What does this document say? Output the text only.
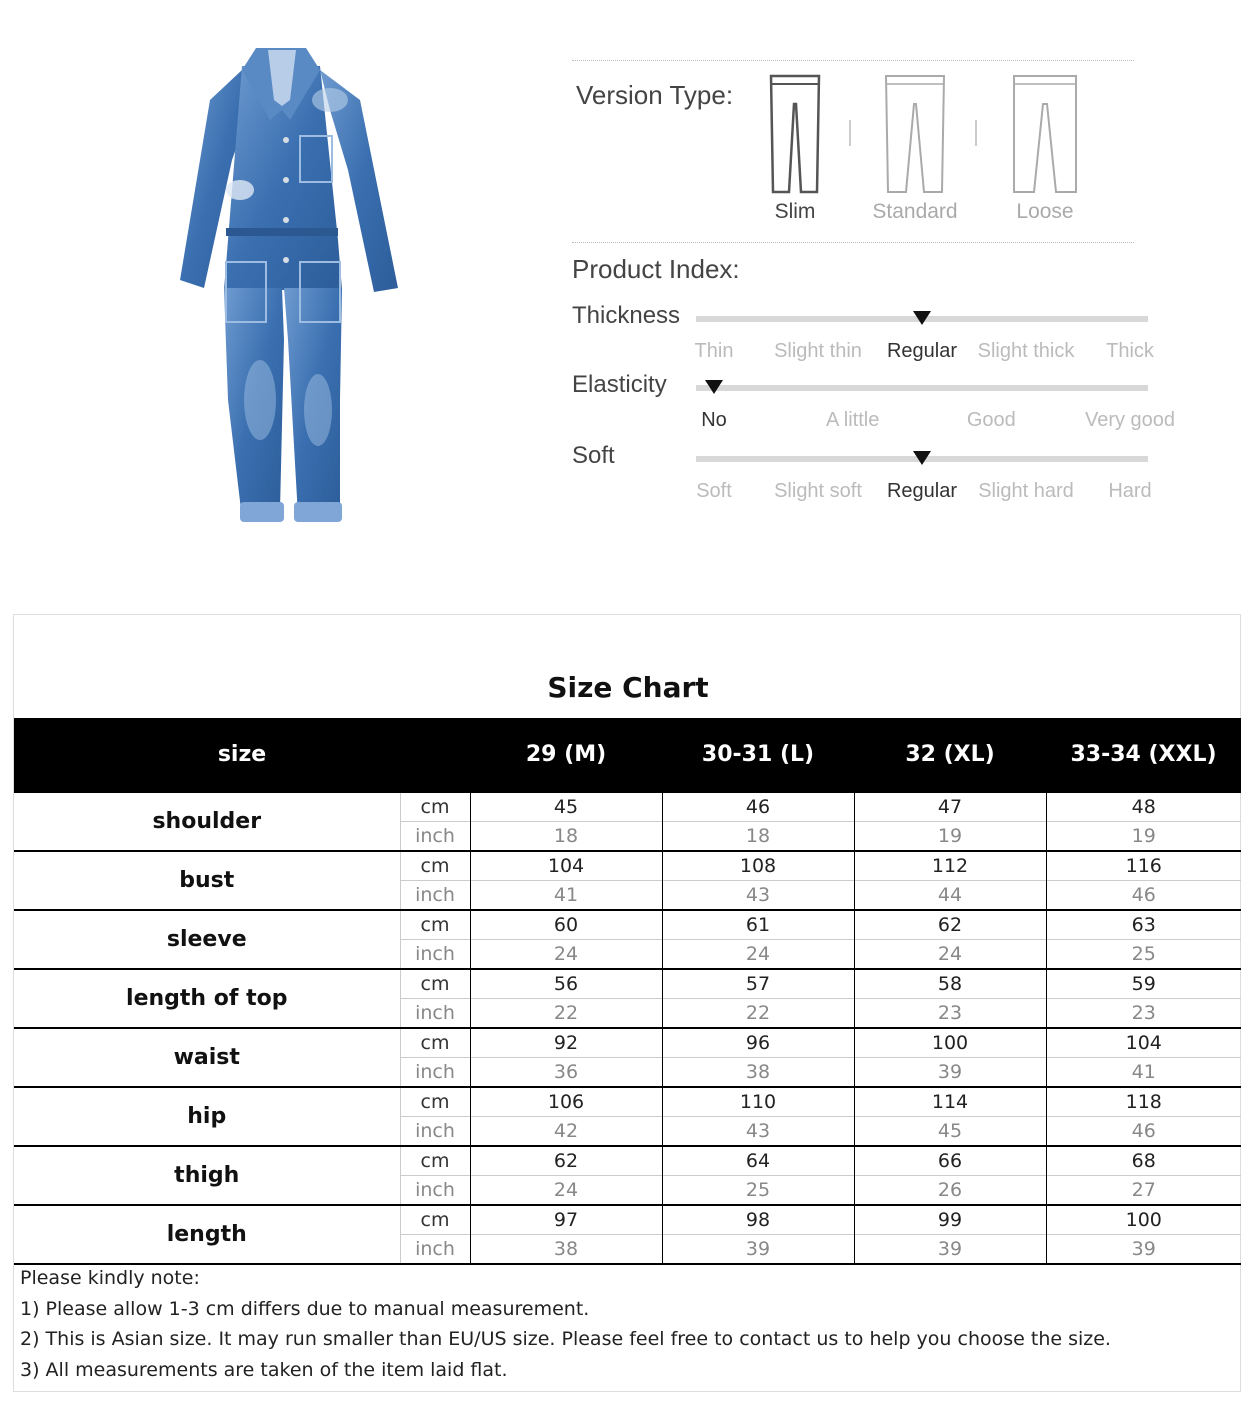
Version Type:
Slim	Standard	Loose
Product Index:
Thickness
Thin Slight thin Regular Slight thick Thick
Elasticity
No	A little	Good	Very good
Soft
Soft Slight soft Regular Slight hard Hard
Size Chart
size		29 (M)	30-31 (L)	32 (XL)	33-34 (XXL)
shoulder	cm	45	46	47	48
	inch	18	18	19	19
bust	cm	104	108	112	116
	inch	41	43	44	46
sleeve	cm	60	61	62	63
	inch	24	24	24	25
length of top	cm	56	57	58	59
	inch	22	22	23	23
waist	cm	92	96	100	104
	inch	36	38	39	41
hip	cm	106	110	114	118
	inch	42	43	45	46
thigh	cm	62	64	66	68
	inch	24	25	26	27
length	cm	97	98	99	100
	inch	38	39	39	39
Please kindly note:
1) Please allow 1-3 cm differs due to manual measurement.
2) This is Asian size. It may run smaller than EU/US size. Please feel free to contact us to help you choose the size.
3) All measurements are taken of the item laid flat.
